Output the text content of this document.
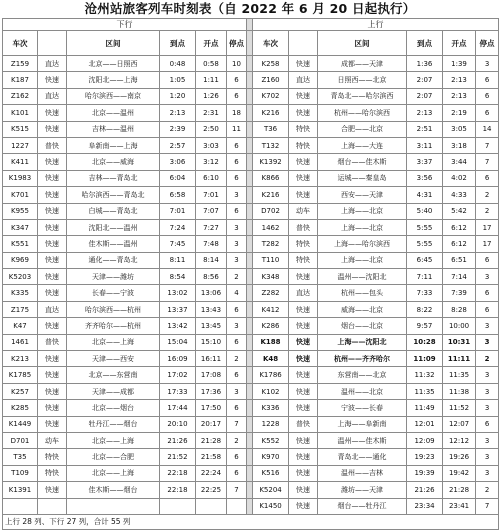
沧州站旅客列车时刻表（自 2022 年 6 月 20 日起执行）
下行							上行					
车次		区间	到点	开点	停点		车次		区间	到点	开点	停点
Z159	直达	北京——日照西	0:48	0:58	10		K258	快速	成都——天津	1:36	1:39	3
K187	快速	沈阳北——上海	1:05	1:11	6		Z160	直达	日照西——北京	2:07	2:13	6
Z162	直达	哈尔滨西——南京	1:20	1:26	6		K702	快速	青岛北——哈尔滨西	2:07	2:13	6
K101	快速	北京——温州	2:13	2:31	18		K216	快速	杭州——哈尔滨西	2:13	2:19	6
K515	快速	吉林——温州	2:39	2:50	11		T36	特快	合肥——北京	2:51	3:05	14
1227	普快	阜新南——上海	2:57	3:03	6		T132	特快	上海——大连	3:11	3:18	7
K411	快速	北京——威海	3:06	3:12	6		K1392	快速	烟台——佳木斯	3:37	3:44	7
K1983	快速	吉林——青岛北	6:04	6:10	6		K866	快速	运城——秦皇岛	3:56	4:02	6
K701	快速	哈尔滨西——青岛北	6:58	7:01	3		K216	快速	西安——天津	4:31	4:33	2
K955	快速	白城——青岛北	7:01	7:07	6		D702	动车	上海——北京	5:40	5:42	2
K347	快速	沈阳北——温州	7:24	7:27	3		1462	普快	上海——北京	5:55	6:12	17
K551	快速	佳木斯——温州	7:45	7:48	3		T282	特快	上海——哈尔滨西	5:55	6:12	17
K969	快速	通化——青岛北	8:11	8:14	3		T110	特快	上海——北京	6:45	6:51	6
K5203	快速	天津——潍坊	8:54	8:56	2		K348	快速	温州——沈阳北	7:11	7:14	3
K335	快速	长春——宁波	13:02	13:06	4		Z282	直达	杭州——包头	7:33	7:39	6
Z175	直达	哈尔滨西——杭州	13:37	13:43	6		K412	快速	威海——北京	8:22	8:28	6
K47	快速	齐齐哈尔——杭州	13:42	13:45	3		K286	快速	烟台——北京	9:57	10:00	3
1461	普快	北京——上海	15:04	15:10	6		K188	快速	上海——沈阳北	10:28	10:31	3
K213	快速	天津——西安	16:09	16:11	2		K48	快速	杭州——齐齐哈尔	11:09	11:11	2
K1785	快速	北京——东营南	17:02	17:08	6		K1786	快速	东营南——北京	11:32	11:35	3
K257	快速	天津——成都	17:33	17:36	3		K102	快速	温州——北京	11:35	11:38	3
K285	快速	北京——烟台	17:44	17:50	6		K336	快速	宁波——长春	11:49	11:52	3
K1449	快速	牡丹江——烟台	20:10	20:17	7		1228	普快	上海——阜新南	12:01	12:07	6
D701	动车	北京——上海	21:26	21:28	2		K552	快速	温州——佳木斯	12:09	12:12	3
T35	特快	北京——合肥	21:52	21:58	6		K970	快速	青岛北——通化	19:23	19:26	3
T109	特快	北京——上海	22:18	22:24	6		K516	快速	温州——吉林	19:39	19:42	3
K1391	快速	佳木斯——烟台	22:18	22:25	7		K5204	快速	潍坊——天津	21:26	21:28	2
							K1450	快速	烟台——牡丹江	23:34	23:41	7
上行 28 列、下行 27 列，合计 55 列												
